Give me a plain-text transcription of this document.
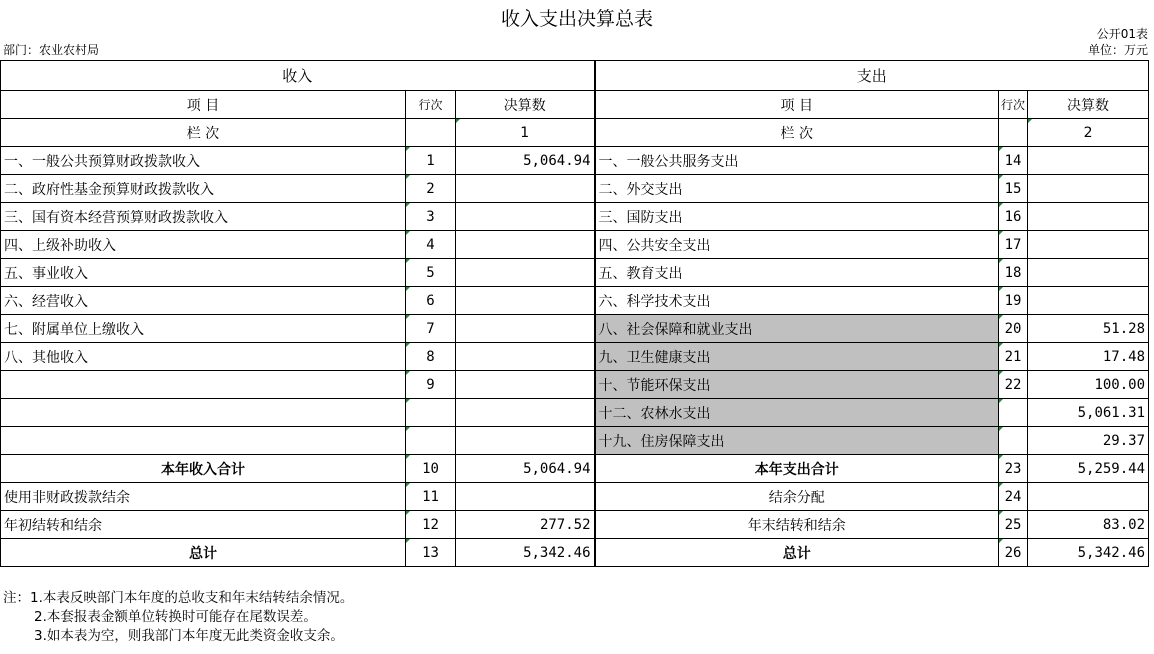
收入支出决算总表
部门：农业农村局
公开01表
单位：万元
收入			支出		
项 目	行次	决算数	项 目	行次	决算数
栏 次		1	栏 次		2
一、一般公共预算财政拨款收入	1	5,064.94	一、一般公共服务支出	14	
二、政府性基金预算财政拨款收入	2		二、外交支出	15	
三、国有资本经营预算财政拨款收入	3		三、国防支出	16	
四、上级补助收入	4		四、公共安全支出	17	
五、事业收入	5		五、教育支出	18	
六、经营收入	6		六、科学技术支出	19	
七、附属单位上缴收入	7		八、社会保障和就业支出	20	51.28
八、其他收入	8		九、卫生健康支出	21	17.48
	9		十、节能环保支出	22	100.00
			十二、农林水支出		5,061.31
			十九、住房保障支出		29.37
本年收入合计	10	5,064.94	本年支出合计	23	5,259.44
使用非财政拨款结余	11		结余分配	24	
年初结转和结余	12	277.52	年末结转和结余	25	83.02
总计	13	5,342.46	总计	26	5,342.46
注：1.本表反映部门本年度的总收支和年末结转结余情况。
2.本套报表金额单位转换时可能存在尾数误差。
3.如本表为空，则我部门本年度无此类资金收支余。
